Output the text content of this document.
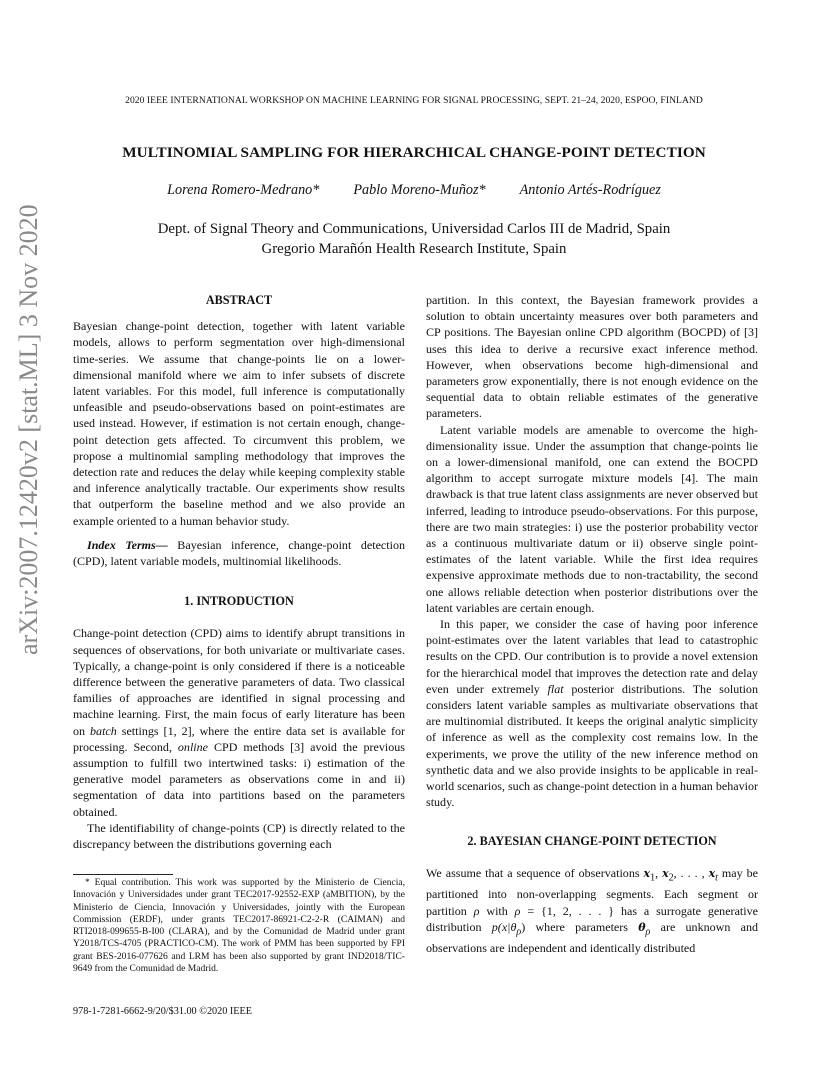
2020 IEEE INTERNATIONAL WORKSHOP ON MACHINE LEARNING FOR SIGNAL PROCESSING, SEPT. 21–24, 2020, ESPOO, FINLAND
MULTINOMIAL SAMPLING FOR HIERARCHICAL CHANGE-POINT DETECTION
Lorena Romero-Medrano* Pablo Moreno-Muñoz* Antonio Artés-Rodríguez
Dept. of Signal Theory and Communications, Universidad Carlos III de Madrid, Spain
Gregorio Marañón Health Research Institute, Spain
arXiv:2007.12420v2 [stat.ML] 3 Nov 2020	ABSTRACT

Bayesian change-point detection, together with latent variable models, allows to perform segmentation over high-dimensional time-series. We assume that change-points lie on a lower-dimensional manifold where we aim to infer subsets of discrete latent variables. For this model, full inference is computationally unfeasible and pseudo-observations based on point-estimates are used instead. However, if estimation is not certain enough, change-point detection gets affected. To circumvent this problem, we propose a multinomial sampling methodology that improves the detection rate and reduces the delay while keeping complexity stable and inference analytically tractable. Our experiments show results that outperform the baseline method and we also provide an example oriented to a human behavior study.

Index Terms— Bayesian inference, change-point detection (CPD), latent variable models, multinomial likelihoods.

1. INTRODUCTION

Change-point detection (CPD) aims to identify abrupt transitions in sequences of observations, for both univariate or multivariate cases. Typically, a change-point is only considered if there is a noticeable difference between the generative parameters of data. Two classical families of approaches are identified in signal processing and machine learning. First, the main focus of early literature has been on batch settings [1, 2], where the entire data set is available for processing. Second, online CPD methods [3] avoid the previous assumption to fulfill two intertwined tasks: i) estimation of the generative model parameters as observations come in and ii) segmentation of data into partitions based on the parameters obtained.

The identifiability of change-points (CP) is directly related to the discrepancy between the distributions governing each

* Equal contribution. This work was supported by the Ministerio de Ciencia, Innovación y Universidades under grant TEC2017-92552-EXP (aMBITION), by the Ministerio de Ciencia, Innovación y Universidades, jointly with the European Commission (ERDF), under grants TEC2017-86921-C2-2-R (CAIMAN) and RTI2018-099655-B-I00 (CLARA), and by the Comunidad de Madrid under grant Y2018/TCS-4705 (PRACTICO-CM). The work of PMM has been supported by FPI grant BES-2016-077626 and LRM has been also supported by grant IND2018/TIC-9649 from the Comunidad de Madrid.
978-1-7281-6662-9/20/$31.00 ©2020 IEEE

partition. In this context, the Bayesian framework provides a solution to obtain uncertainty measures over both parameters and CP positions. The Bayesian online CPD algorithm (BOCPD) of [3] uses this idea to derive a recursive exact inference method. However, when observations become high-dimensional and parameters grow exponentially, there is not enough evidence on the sequential data to obtain reliable estimates of the generative parameters.

Latent variable models are amenable to overcome the high-dimensionality issue. Under the assumption that change-points lie on a lower-dimensional manifold, one can extend the BOCPD algorithm to accept surrogate mixture models [4]. The main drawback is that true latent class assignments are never observed but inferred, leading to introduce pseudo-observations. For this purpose, there are two main strategies: i) use the posterior probability vector as a continuous multivariate datum or ii) observe single point-estimates of the latent variable. While the first idea requires expensive approximate methods due to non-tractability, the second one allows reliable detection when posterior distributions over the latent variables are certain enough.

In this paper, we consider the case of having poor inference point-estimates over the latent variables that lead to catastrophic results on the CPD. Our contribution is to provide a novel extension for the hierarchical model that improves the detection rate and delay even under extremely flat posterior distributions. The solution considers latent variable samples as multivariate observations that are multinomial distributed. It keeps the original analytic simplicity of inference as well as the complexity cost remains low. In the experiments, we prove the utility of the new inference method on synthetic data and we also provide insights to be applicable in real-world scenarios, such as change-point detection in a human behavior study.

2. BAYESIAN CHANGE-POINT DETECTION

We assume that a sequence of observations $x_1$, $x_2$, . . . , $x_t$ may be partitioned into non-overlapping segments. Each segment or partition ρ with ρ = {1, 2, . . . } has a surrogate generative distribution $p(x|\theta_\rho)$ where parameters $\theta_\rho$ are unknown and observations are independent and identically distributed
